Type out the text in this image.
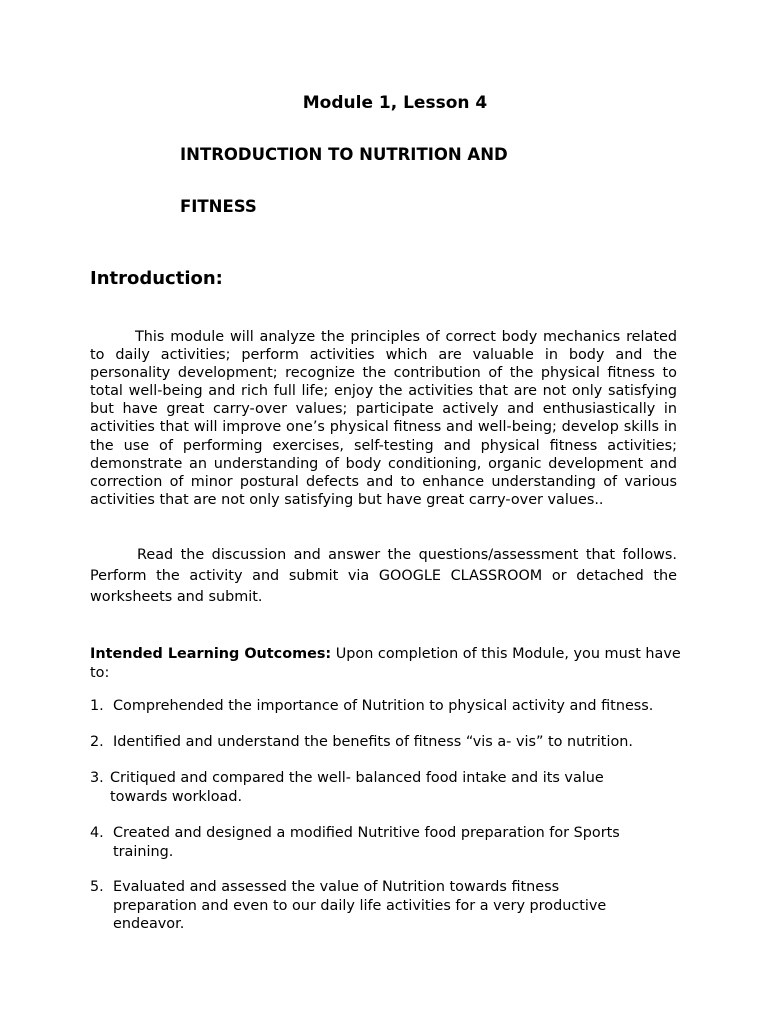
Module 1, Lesson 4
INTRODUCTION TO NUTRITION AND
FITNESS
Introduction:

This module will analyze the principles of correct body mechanics related to daily activities; perform activities which are valuable in body and the personality development; recognize the contribution of the physical fitness to total well-being and rich full life; enjoy the activities that are not only satisfying but have great carry-over values; participate actively and enthusiastically in activities that will improve one’s physical fitness and well-being; develop skills in the use of performing exercises, self-testing and physical fitness activities; demonstrate an understanding of body conditioning, organic development and correction of minor postural defects and to enhance understanding of various activities that are not only satisfying but have great carry-over values..

Read the discussion and answer the questions/assessment that follows. Perform the activity and submit via GOOGLE CLASSROOM or detached the worksheets and submit.

Intended Learning Outcomes: Upon completion of this Module, you must have to:
1. Comprehended the importance of Nutrition to physical activity and fitness.
2. Identified and understand the benefits of fitness “vis a- vis” to nutrition.
3. Critiqued and compared the well- balanced food intake and its value towards workload.
4. Created and designed a modified Nutritive food preparation for Sports training.
5. Evaluated and assessed the value of Nutrition towards fitness preparation and even to our daily life activities for a very productive endeavor.
